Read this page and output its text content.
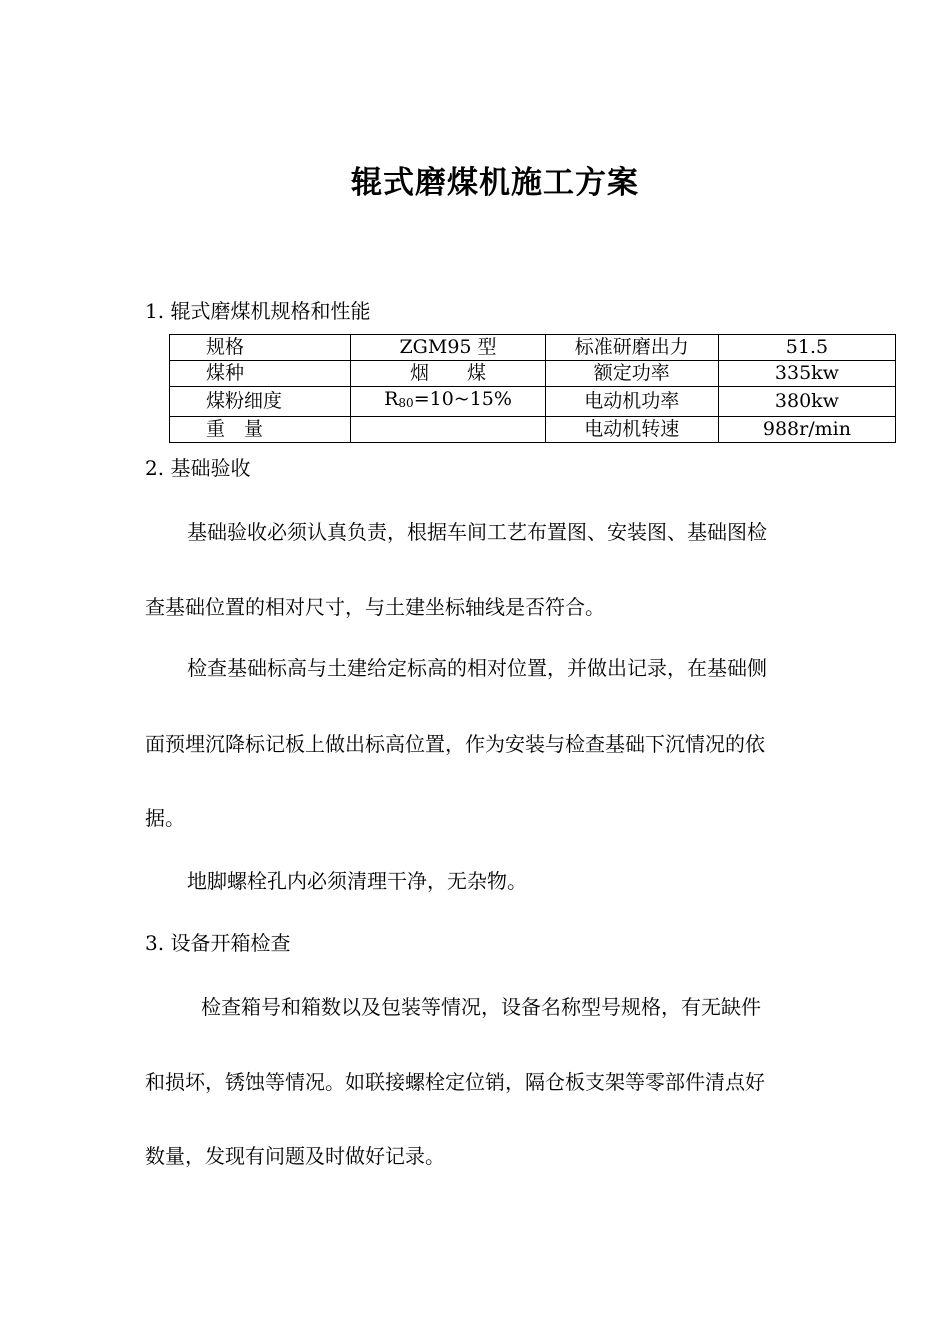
辊式磨煤机施工方案
1. 辊式磨煤机规格和性能
规格	ZGM95 型	标准研磨出力	51.5
煤种	烟　　煤	额定功率	335kw
煤粉细度	$R_{80}=10\sim 15\%$	电动机功率	380kw
重　量		电动机转速	988r/min
2. 基础验收
基础验收必须认真负责，根据车间工艺布置图、安装图、基础图检
查基础位置的相对尺寸，与土建坐标轴线是否符合。
检查基础标高与土建给定标高的相对位置，并做出记录，在基础侧
面预埋沉降标记板上做出标高位置，作为安装与检查基础下沉情况的依
据。
地脚螺栓孔内必须清理干净，无杂物。
3. 设备开箱检查
检查箱号和箱数以及包装等情况，设备名称型号规格，有无缺件
和损坏，锈蚀等情况。如联接螺栓定位销，隔仓板支架等零部件清点好
数量，发现有问题及时做好记录。
